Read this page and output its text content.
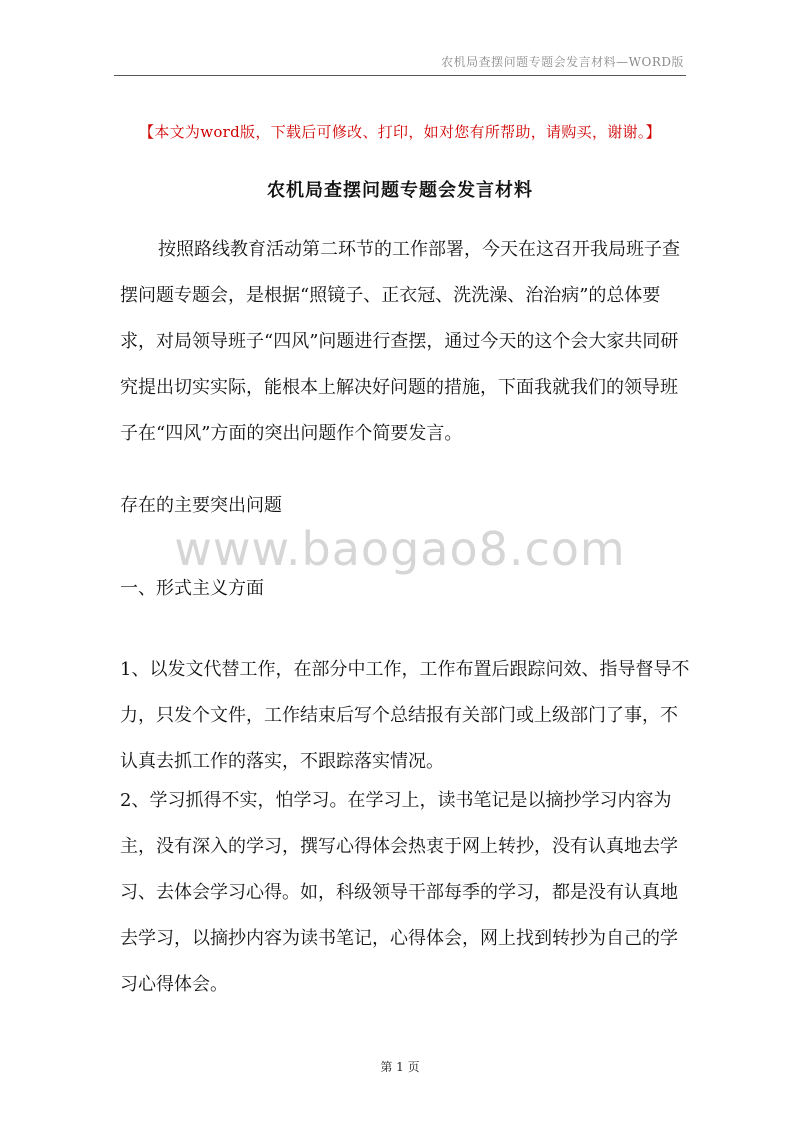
农机局查摆问题专题会发言材料—WORD版
【本文为word版，下载后可修改、打印，如对您有所帮助，请购买，谢谢。】
农机局查摆问题专题会发言材料
按照路线教育活动第二环节的工作部署，今天在这召开我局班子查摆问题专题会，是根据“照镜子、正衣冠、洗洗澡、治治病”的总体要求，对局领导班子“四风”问题进行查摆，通过今天的这个会大家共同研究提出切实实际，能根本上解决好问题的措施，下面我就我们的领导班子在“四风”方面的突出问题作个简要发言。
存在的主要突出问题
www.baogao8.com
一、形式主义方面
1、以发文代替工作，在部分中工作，工作布置后跟踪问效、指导督导不力，只发个文件，工作结束后写个总结报有关部门或上级部门了事，不认真去抓工作的落实，不跟踪落实情况。
2、学习抓得不实，怕学习。在学习上，读书笔记是以摘抄学习内容为主，没有深入的学习，撰写心得体会热衷于网上转抄，没有认真地去学习、去体会学习心得。如，科级领导干部每季的学习，都是没有认真地去学习，以摘抄内容为读书笔记，心得体会，网上找到转抄为自己的学习心得体会。
第 1 页
